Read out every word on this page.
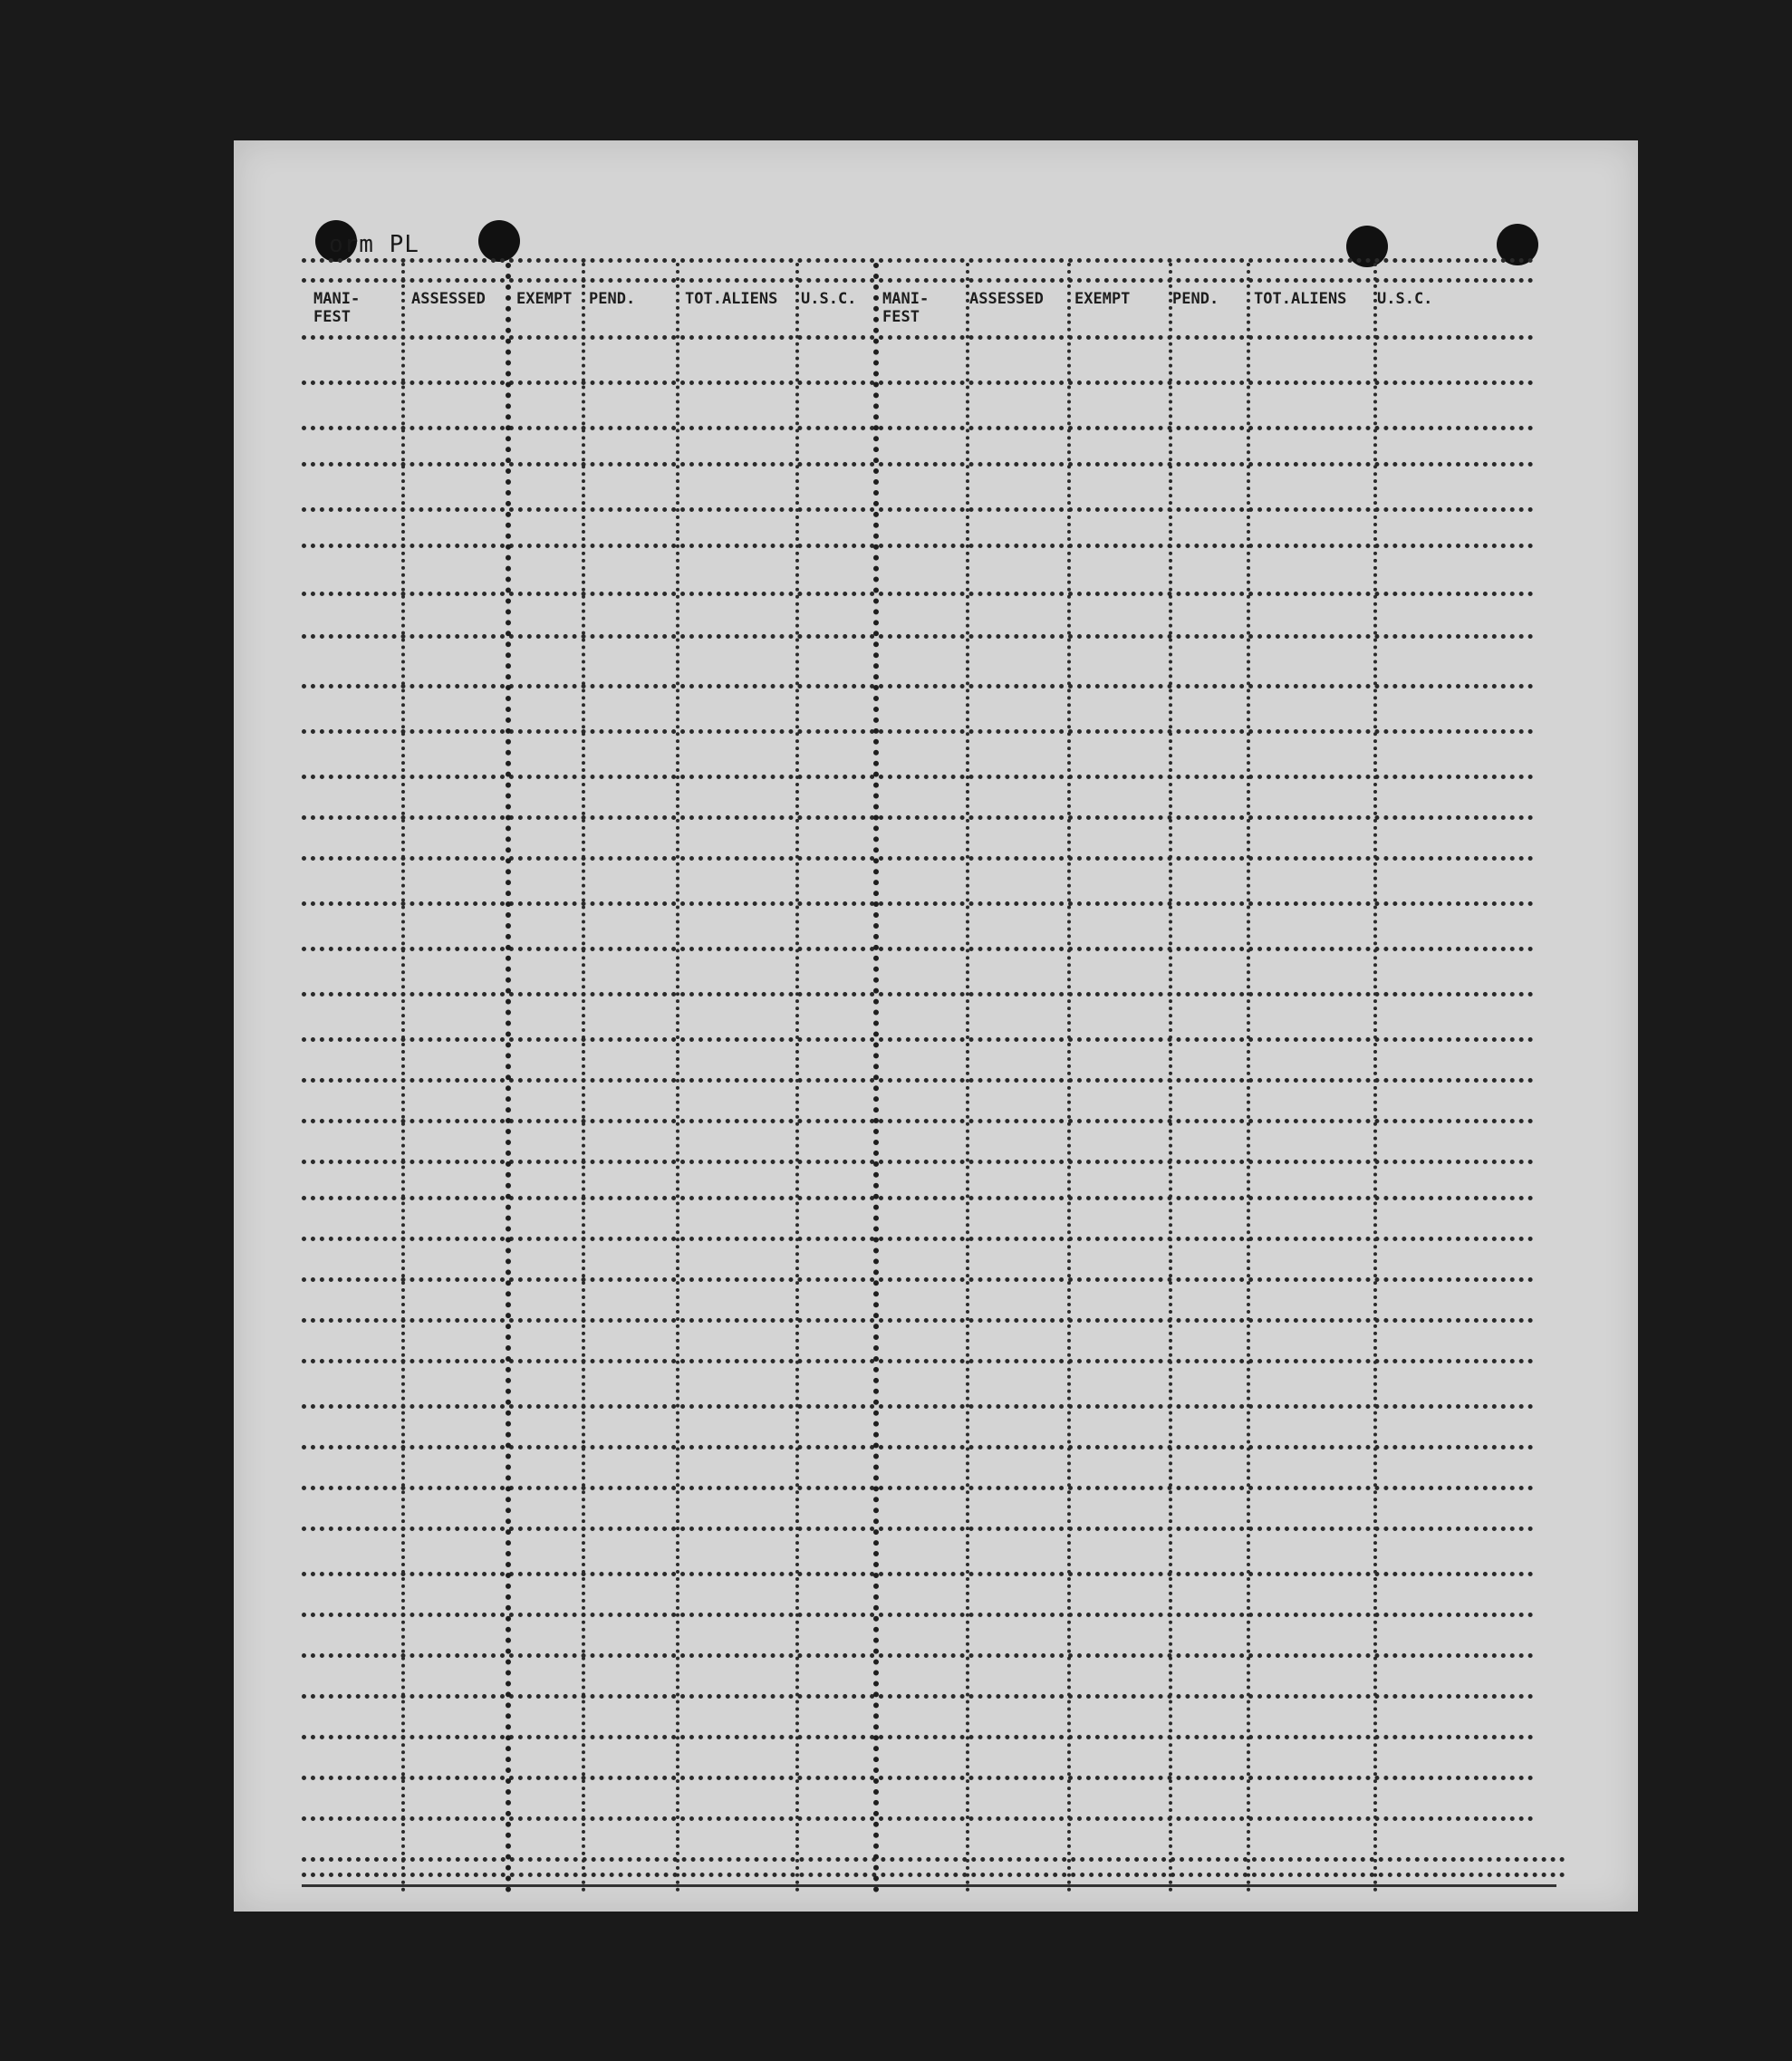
orm PL
MANI-
FEST
ASSESSED EXEMPT PEND.	TOT.ALIENS U.S.C. MANI-
FEST
ASSESSED EXEMPT	PEND. TOT.ALIENS U.S.C.
